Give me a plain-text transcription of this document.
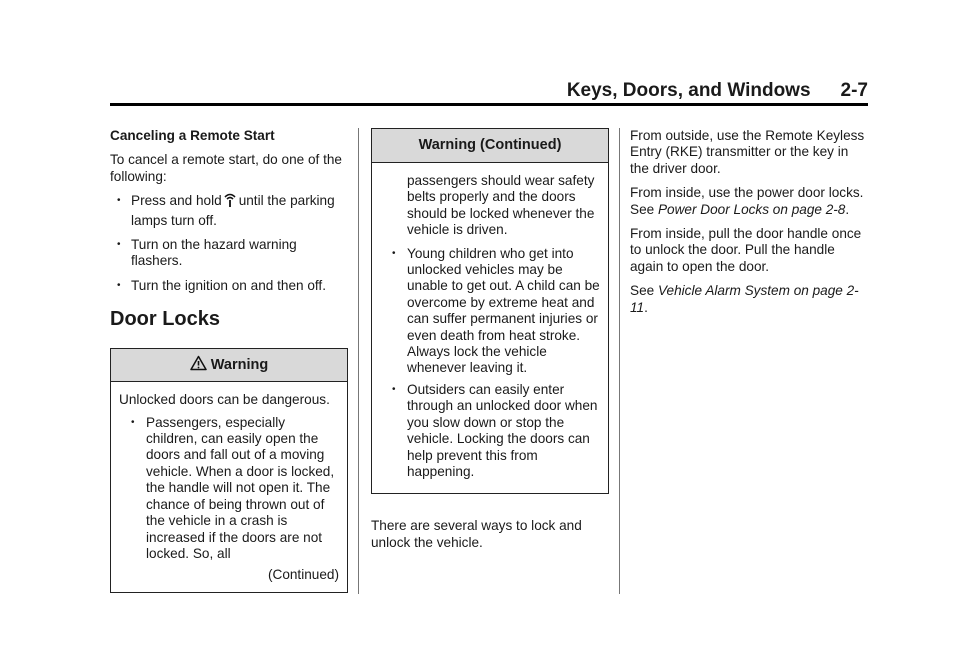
Keys, Doors, and Windows 2-7

Canceling a Remote Start

To cancel a remote start, do one of the following:

• Press and hold until the parking lamps turn off.
• Turn on the hazard warning flashers.
• Turn the ignition on and then off.
Door Locks
Warning

Unlocked doors can be dangerous.

• Passengers, especially children, can easily open the doors and fall out of a moving vehicle. When a door is locked, the handle will not open it. The chance of being thrown out of the vehicle in a crash is increased if the doors are not locked. So, all
(Continued)
Warning (Continued)

passengers should wear safety belts properly and the doors should be locked whenever the vehicle is driven.

• Young children who get into unlocked vehicles may be unable to get out. A child can be overcome by extreme heat and can suffer permanent injuries or even death from heat stroke. Always lock the vehicle whenever leaving it.
• Outsiders can easily enter through an unlocked door when you slow down or stop the vehicle. Locking the doors can help prevent this from happening.

There are several ways to lock and unlock the vehicle.

From outside, use the Remote Keyless Entry (RKE) transmitter or the key in the driver door.

From inside, use the power door locks. See Power Door Locks on page 2-8.

From inside, pull the door handle once to unlock the door. Pull the handle again to open the door.

See Vehicle Alarm System on page 2-11.
